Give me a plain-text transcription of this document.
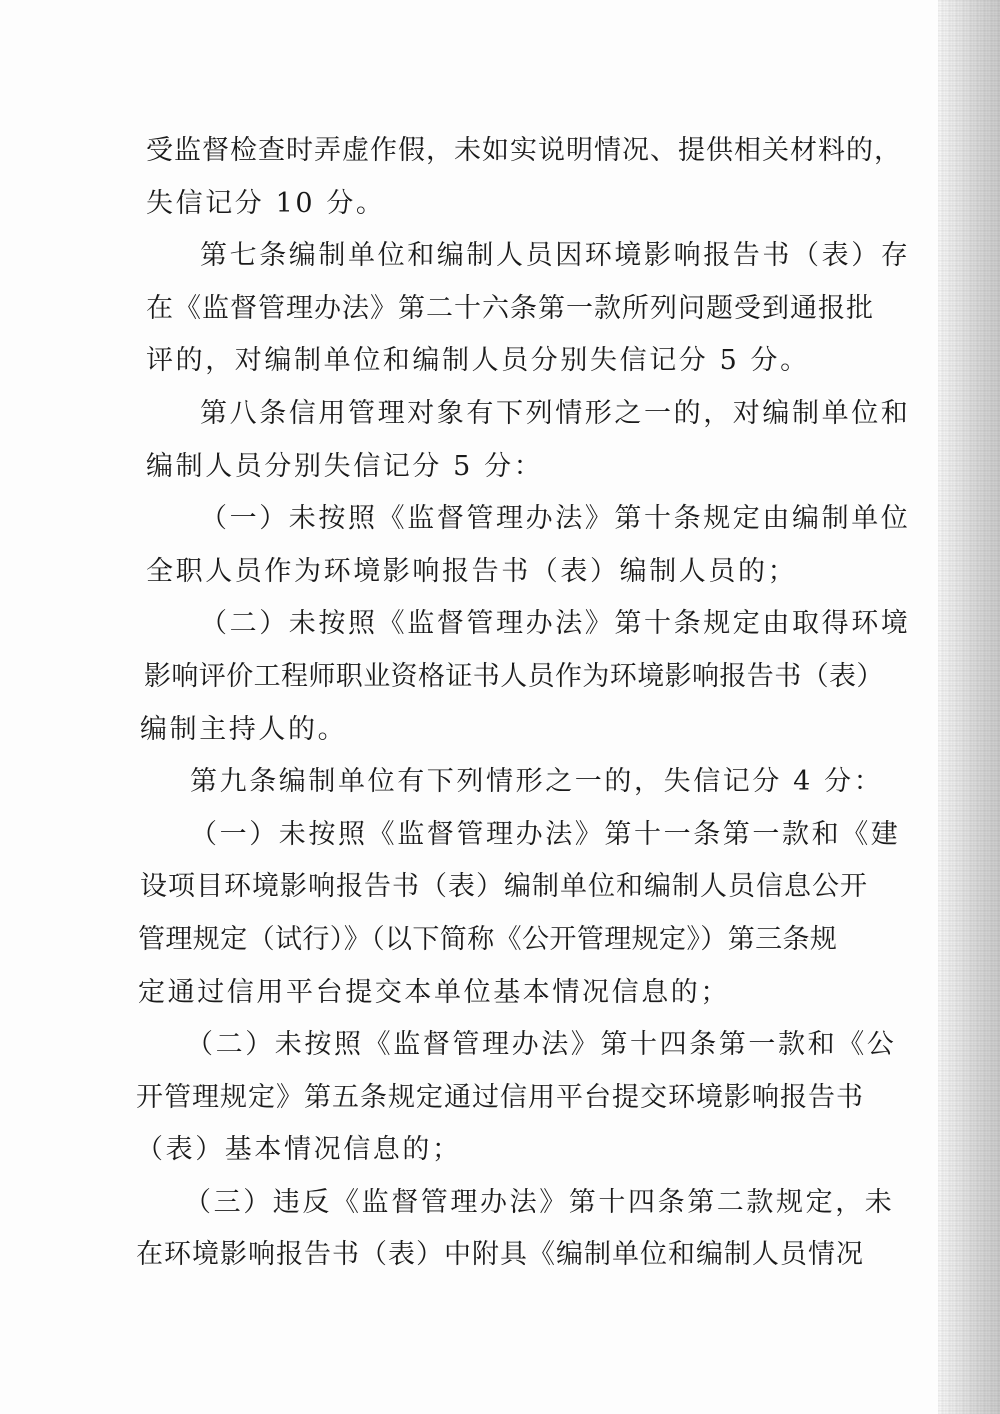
受监督检查时弄虚作假，未如实说明情况、提供相关材料的，
失信记分 10 分。
第七条编制单位和编制人员因环境影响报告书（表）存
在《监督管理办法》第二十六条第一款所列问题受到通报批
评的，对编制单位和编制人员分别失信记分 5 分。
第八条信用管理对象有下列情形之一的，对编制单位和
编制人员分别失信记分 5 分：
（一）未按照《监督管理办法》第十条规定由编制单位
全职人员作为环境影响报告书（表）编制人员的；
（二）未按照《监督管理办法》第十条规定由取得环境
影响评价工程师职业资格证书人员作为环境影响报告书（表）
编制主持人的。
第九条编制单位有下列情形之一的，失信记分 4 分：
（一）未按照《监督管理办法》第十一条第一款和《建
设项目环境影响报告书（表）编制单位和编制人员信息公开
管理规定（试行）》（以下简称《公开管理规定》）第三条规
定通过信用平台提交本单位基本情况信息的；
（二）未按照《监督管理办法》第十四条第一款和《公
开管理规定》第五条规定通过信用平台提交环境影响报告书
（表）基本情况信息的；
（三）违反《监督管理办法》第十四条第二款规定，未
在环境影响报告书（表）中附具《编制单位和编制人员情况
